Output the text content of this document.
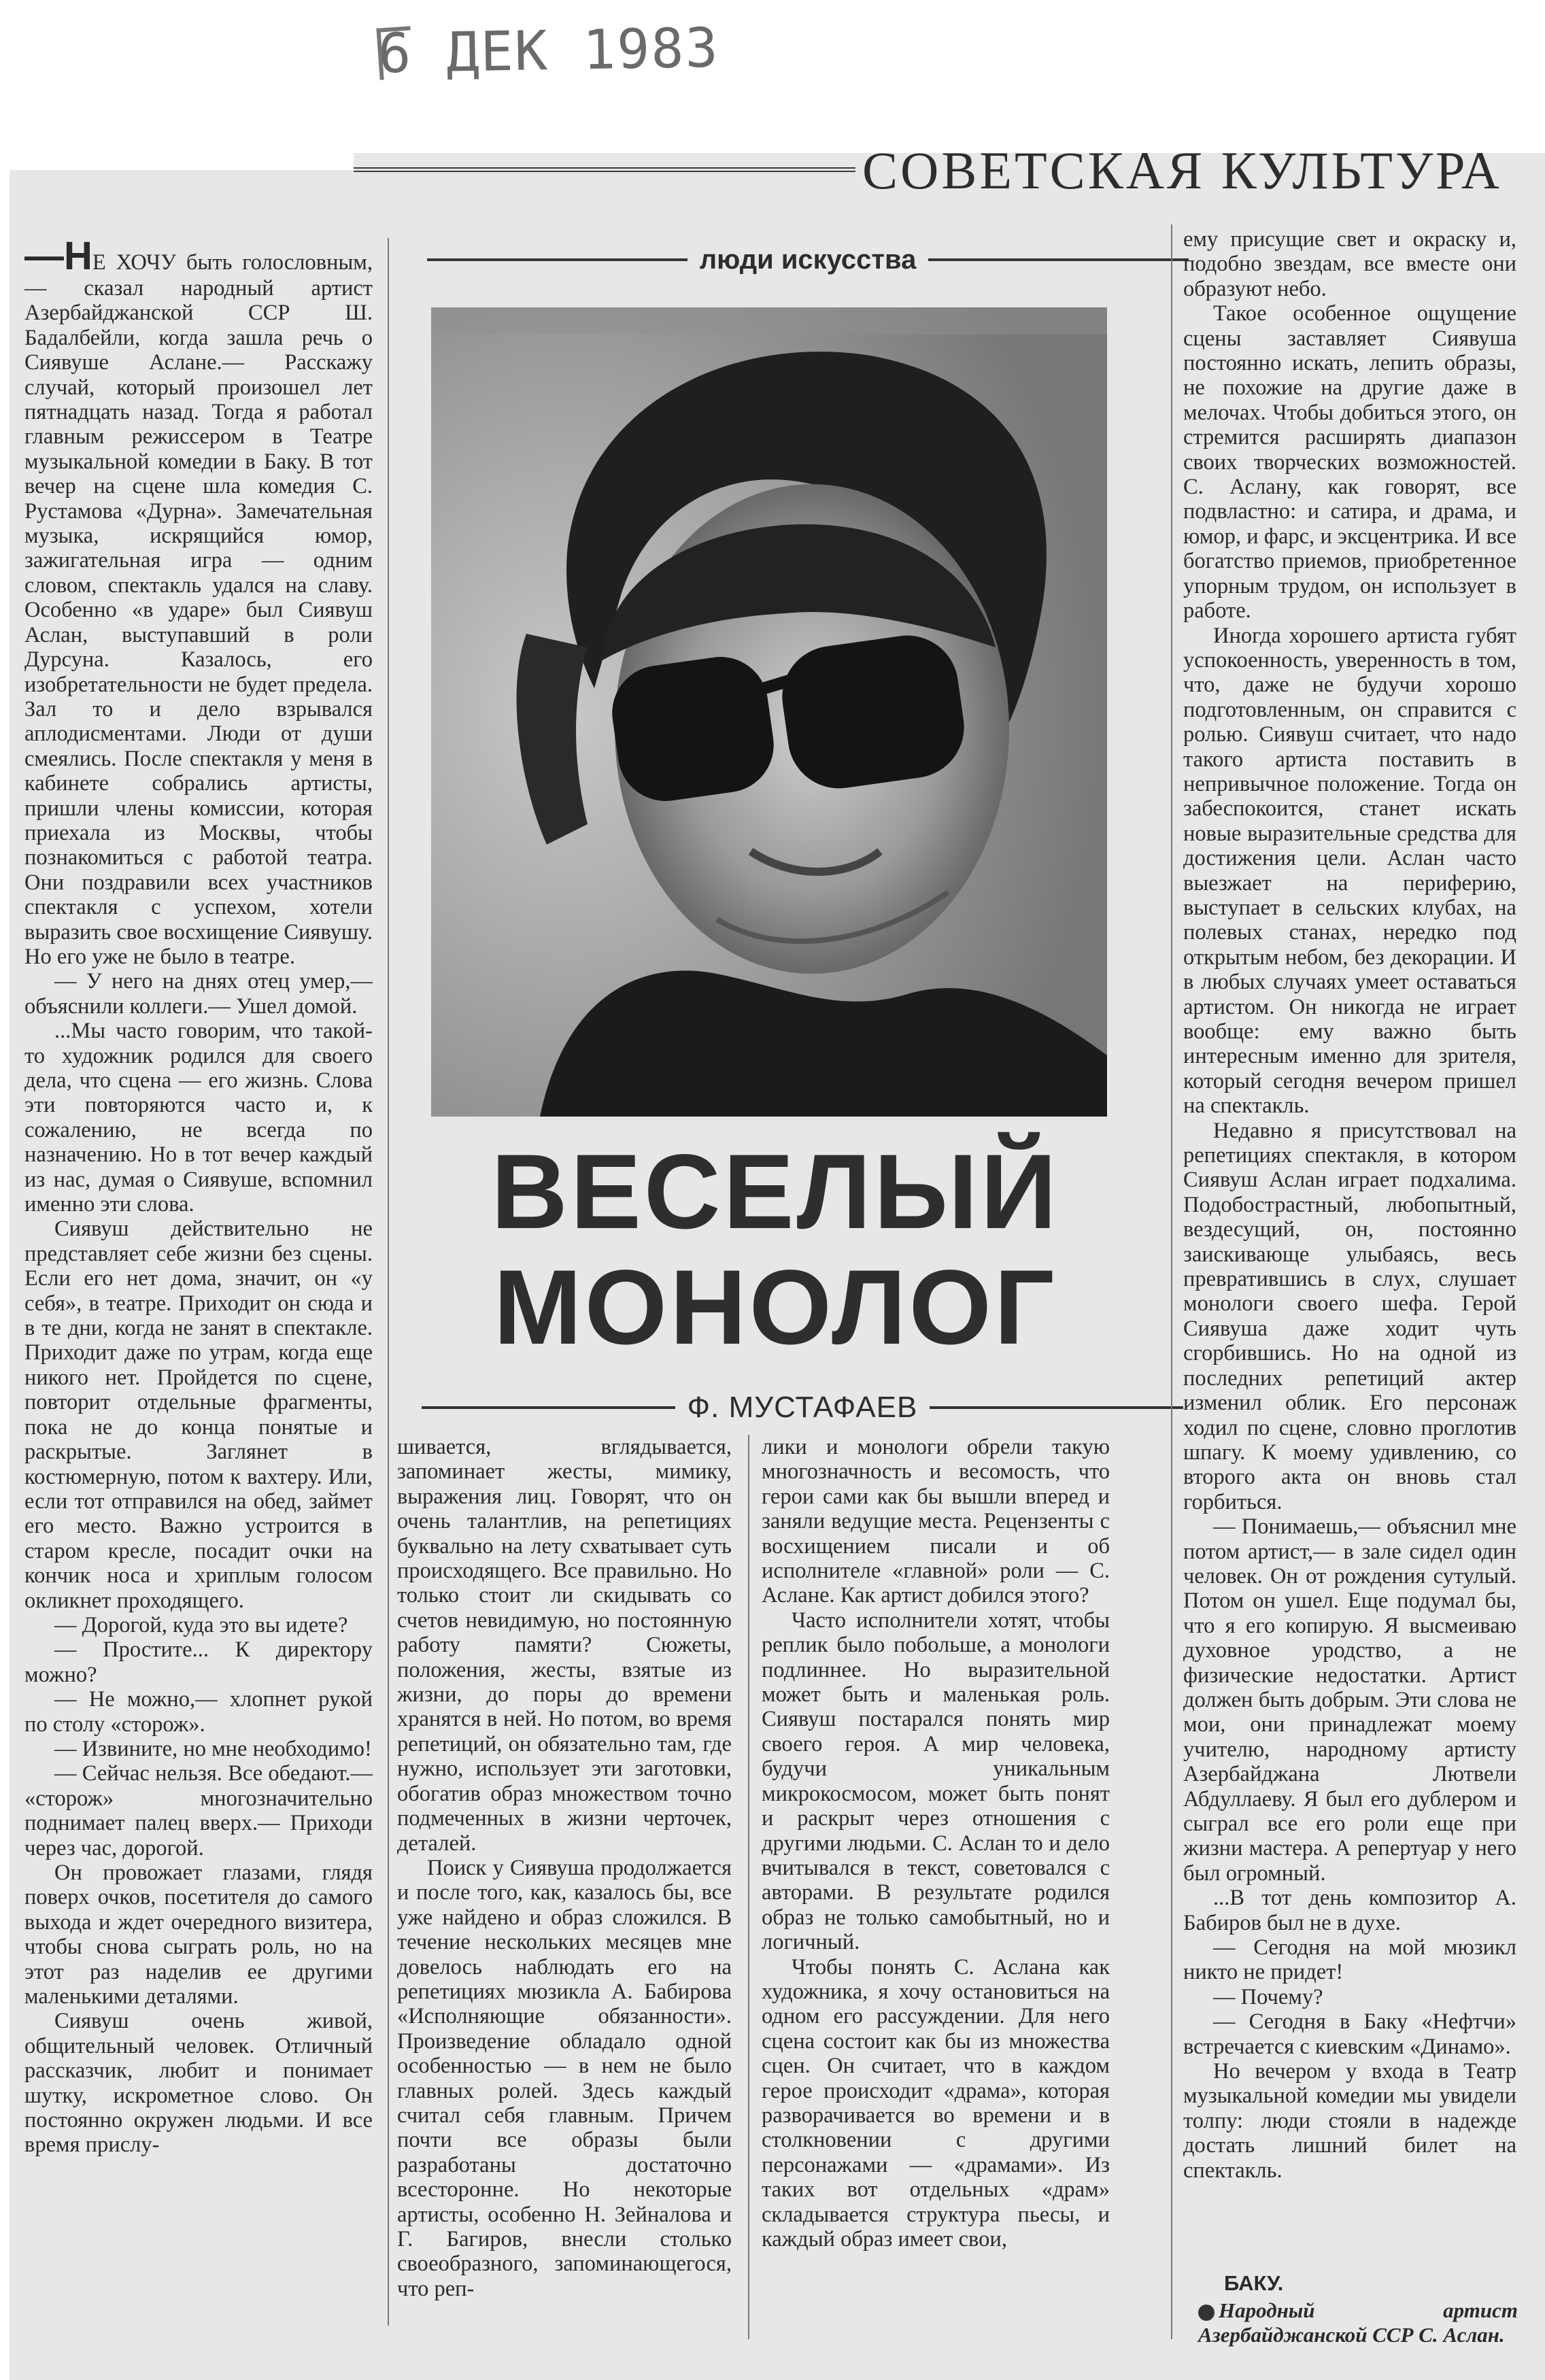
6 ДЕК 1983
СОВЕТСКАЯ КУЛЬТУРА

—НЕ ХОЧУ быть голословным,— сказал народный артист Азербайджанской ССР Ш. Бадалбейли, когда зашла речь о Сиявуше Аслане.— Расскажу случай, который произошел лет пятнадцать назад. Тогда я работал главным режиссером в Театре музыкальной комедии в Баку. В тот вечер на сцене шла комедия С. Рустамова «Дурна». Замечательная музыка, искрящийся юмор, зажигательная игра — одним словом, спектакль удался на славу. Особенно «в ударе» был Сиявуш Аслан, выступавший в роли Дурсуна. Казалось, его изобретательности не будет предела. Зал то и дело взрывался аплодисментами. Люди от души смеялись. После спектакля у меня в кабинете собрались артисты, пришли члены комиссии, которая приехала из Москвы, чтобы познакомиться с работой театра. Они поздравили всех участников спектакля с успехом, хотели выразить свое восхищение Сиявушу. Но его уже не было в театре.

— У него на днях отец умер,— объяснили коллеги.— Ушел домой.

...Мы часто говорим, что такой-то художник родился для своего дела, что сцена — его жизнь. Слова эти повторяются часто и, к сожалению, не всегда по назначению. Но в тот вечер каждый из нас, думая о Сиявуше, вспомнил именно эти слова.

Сиявуш действительно не представляет себе жизни без сцены. Если его нет дома, значит, он «у себя», в театре. Приходит он сюда и в те дни, когда не занят в спектакле. Приходит даже по утрам, когда еще никого нет. Пройдется по сцене, повторит отдельные фрагменты, пока не до конца понятые и раскрытые. Заглянет в костюмерную, потом к вахтеру. Или, если тот отправился на обед, займет его место. Важно устроится в старом кресле, посадит очки на кончик носа и хриплым голосом окликнет проходящего.

— Дорогой, куда это вы идете?

— Простите... К директору можно?

— Не можно,— хлопнет рукой по столу «сторож».

— Извините, но мне необходимо!

— Сейчас нельзя. Все обедают.— «сторож» многозначительно поднимает палец вверх.— Приходи через час, дорогой.

Он провожает глазами, глядя поверх очков, посетителя до самого выхода и ждет очередного визитера, чтобы снова сыграть роль, но на этот раз наделив ее другими маленькими деталями.

Сиявуш очень живой, общительный человек. Отличный рассказчик, любит и понимает шутку, искрометное слово. Он постоянно окружен людьми. И все время прислу-

люди искусства
ВЕСЕЛЫЙ
МОНОЛОГ
Ф. МУСТАФАЕВ

шивается, вглядывается, запоминает жесты, мимику, выражения лиц. Говорят, что он очень талантлив, на репетициях буквально на лету схватывает суть происходящего. Все правильно. Но только стоит ли скидывать со счетов невидимую, но постоянную работу памяти? Сюжеты, положения, жесты, взятые из жизни, до поры до времени хранятся в ней. Но потом, во время репетиций, он обязательно там, где нужно, использует эти заготовки, обогатив образ множеством точно подмеченных в жизни черточек, деталей.

Поиск у Сиявуша продолжается и после того, как, казалось бы, все уже найдено и образ сложился. В течение нескольких месяцев мне довелось наблюдать его на репетициях мюзикла А. Бабирова «Исполняющие обязанности». Произведение обладало одной особенностью — в нем не было главных ролей. Здесь каждый считал себя главным. Причем почти все образы были разработаны достаточно всесторонне. Но некоторые артисты, особенно Н. Зейналова и Г. Багиров, внесли столько своеобразного, запоминающегося, что реп-

лики и монологи обрели такую многозначность и весомость, что герои сами как бы вышли вперед и заняли ведущие места. Рецензенты с восхищением писали и об исполнителе «главной» роли — С. Аслане. Как артист добился этого?

Часто исполнители хотят, чтобы реплик было побольше, а монологи подлиннее. Но выразительной может быть и маленькая роль. Сиявуш постарался понять мир своего героя. А мир человека, будучи уникальным микрокосмосом, может быть понят и раскрыт через отношения с другими людьми. С. Аслан то и дело вчитывался в текст, советовался с авторами. В результате родился образ не только самобытный, но и логичный.

Чтобы понять С. Аслана как художника, я хочу остановиться на одном его рассуждении. Для него сцена состоит как бы из множества сцен. Он считает, что в каждом герое происходит «драма», которая разворачивается во времени и в столкновении с другими персонажами — «драмами». Из таких вот отдельных «драм» складывается структура пьесы, и каждый образ имеет свои,

ему присущие свет и окраску и, подобно звездам, все вместе они образуют небо.

Такое особенное ощущение сцены заставляет Сиявуша постоянно искать, лепить образы, не похожие на другие даже в мелочах. Чтобы добиться этого, он стремится расширять диапазон своих творческих возможностей. С. Аслану, как говорят, все подвластно: и сатира, и драма, и юмор, и фарс, и эксцентрика. И все богатство приемов, приобретенное упорным трудом, он использует в работе.

Иногда хорошего артиста губят успокоенность, уверенность в том, что, даже не будучи хорошо подготовленным, он справится с ролью. Сиявуш считает, что надо такого артиста поставить в непривычное положение. Тогда он забеспокоится, станет искать новые выразительные средства для достижения цели. Аслан часто выезжает на периферию, выступает в сельских клубах, на полевых станах, нередко под открытым небом, без декорации. И в любых случаях умеет оставаться артистом. Он никогда не играет вообще: ему важно быть интересным именно для зрителя, который сегодня вечером пришел на спектакль.

Недавно я присутствовал на репетициях спектакля, в котором Сиявуш Аслан играет подхалима. Подобострастный, любопытный, вездесущий, он, постоянно заискивающе улыбаясь, весь превратившись в слух, слушает монологи своего шефа. Герой Сиявуша даже ходит чуть сгорбившись. Но на одной из последних репетиций актер изменил облик. Его персонаж ходил по сцене, словно проглотив шпагу. К моему удивлению, со второго акта он вновь стал горбиться.

— Понимаешь,— объяснил мне потом артист,— в зале сидел один человек. Он от рождения сутулый. Потом он ушел. Еще подумал бы, что я его копирую. Я высмеиваю духовное уродство, а не физические недостатки. Артист должен быть добрым. Эти слова не мои, они принадлежат моему учителю, народному артисту Азербайджана Лютвели Абдуллаеву. Я был его дублером и сыграл все его роли еще при жизни мастера. А репертуар у него был огромный.

...В тот день композитор А. Бабиров был не в духе.

— Сегодня на мой мюзикл никто не придет!

— Почему?

— Сегодня в Баку «Нефтчи» встречается с киевским «Динамо».

Но вечером у входа в Театр музыкальной комедии мы увидели толпу: люди стояли в надежде достать лишний билет на спектакль.

БАКУ.
Народный артист Азербайджанской ССР С. Аслан.
